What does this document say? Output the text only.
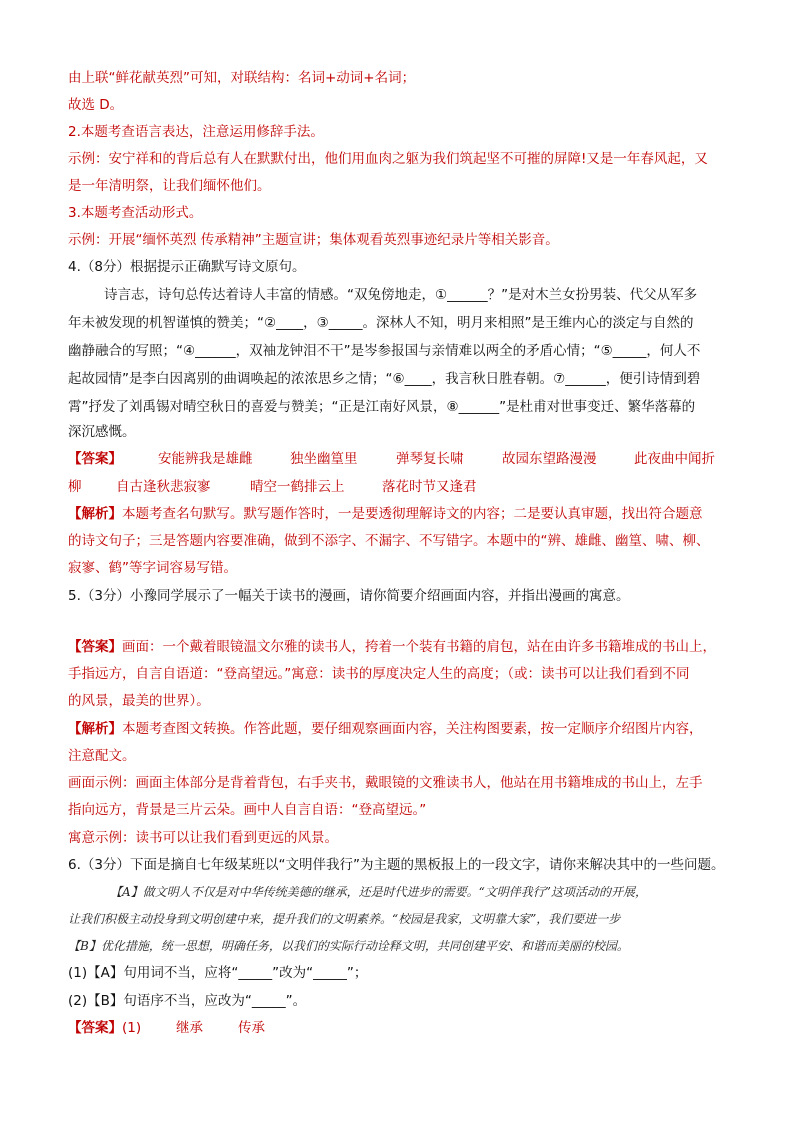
由上联“鲜花献英烈”可知，对联结构：名词+动词+名词；
故选 D。
2.本题考查语言表达，注意运用修辞手法。
示例：安宁祥和的背后总有人在默默付出，他们用血肉之躯为我们筑起坚不可摧的屏障!又是一年春风起，又
是一年清明祭，让我们缅怀他们。
3.本题考查活动形式。
示例：开展“缅怀英烈 传承精神”主题宣讲；集体观看英烈事迹纪录片等相关影音。
4.（8分）根据提示正确默写诗文原句。
诗言志，诗句总传达着诗人丰富的情感。“双兔傍地走，①______？”是对木兰女扮男装、代父从军多
年未被发现的机智谨慎的赞美；“②____，③_____。深林人不知，明月来相照”是王维内心的淡定与自然的
幽静融合的写照；“④______，双袖龙钟泪不干”是岑参报国与亲情难以两全的矛盾心情；“⑤_____，何人不
起故园情”是李白因离别的曲调唤起的浓浓思乡之情；“⑥____，我言秋日胜春朝。⑦______，便引诗情到碧
霄”抒发了刘禹锡对晴空秋日的喜爱与赞美；“正是江南好风景，⑧______”是杜甫对世事变迁、繁华落幕的
深沉感慨。
【答案】	安能辨我是雄雌	独坐幽篁里	弹琴复长啸	故园东望路漫漫	此夜曲中闻折
柳	自古逢秋悲寂寥	晴空一鹤排云上	落花时节又逢君
【解析】本题考查名句默写。默写题作答时，一是要透彻理解诗文的内容；二是要认真审题，找出符合题意
的诗文句子；三是答题内容要准确，做到不添字、不漏字、不写错字。本题中的“辨、雄雌、幽篁、啸、柳、
寂寥、鹤”等字词容易写错。
5.（3分）小豫同学展示了一幅关于读书的漫画，请你简要介绍画面内容，并指出漫画的寓意。
【答案】画面：一个戴着眼镜温文尔雅的读书人，挎着一个装有书籍的肩包，站在由许多书籍堆成的书山上，
手指远方，自言自语道：“登高望远。”寓意：读书的厚度决定人生的高度；（或：读书可以让我们看到不同
的风景，最美的世界）。
【解析】本题考查图文转换。作答此题，要仔细观察画面内容，关注构图要素，按一定顺序介绍图片内容，
注意配文。
画面示例：画面主体部分是背着背包，右手夹书，戴眼镜的文雅读书人，他站在用书籍堆成的书山上，左手
指向远方，背景是三片云朵。画中人自言自语：“登高望远。”
寓意示例：读书可以让我们看到更远的风景。
6.（3分）下面是摘自七年级某班以“文明伴我行”为主题的黑板报上的一段文字，请你来解决其中的一些问题。
【A】做文明人不仅是对中华传统美德的继承，还是时代进步的需要。“文明伴我行”这项活动的开展，
让我们积极主动投身到文明创建中来，提升我们的文明素养。“校园是我家，文明靠大家”，我们要进一步
【B】优化措施，统一思想，明确任务，以我们的实际行动诠释文明，共同创建平安、和谐而美丽的校园。
(1)【A】句用词不当，应将“_____”改为“_____”；
(2)【B】句语序不当，应改为“_____”。
【答案】(1)	继承	传承
